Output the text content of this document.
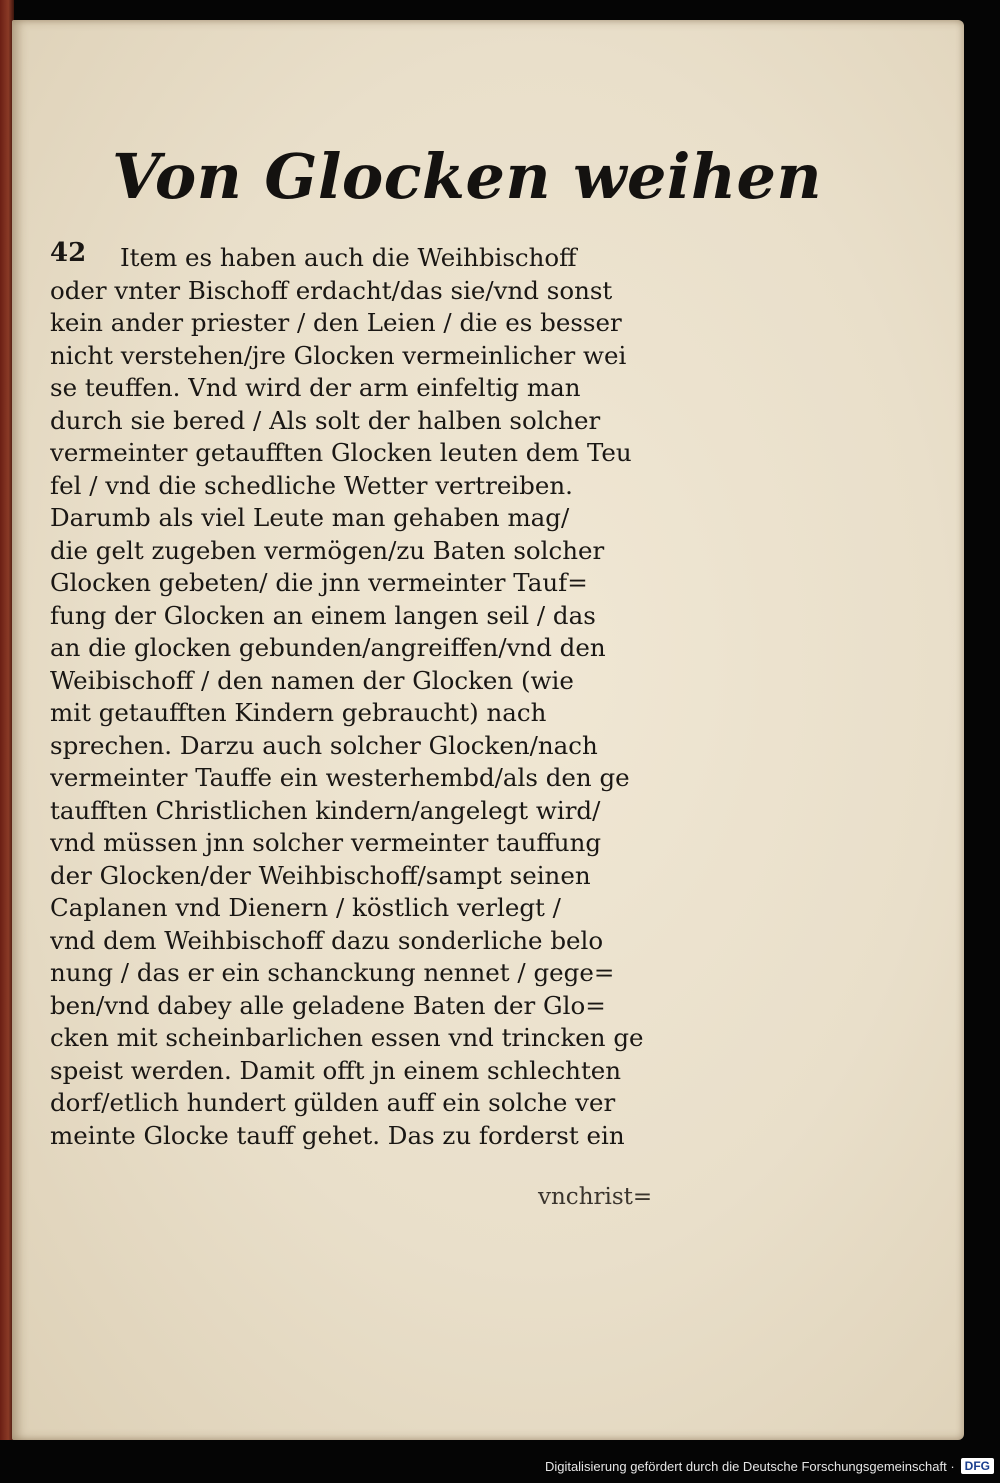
Von Glocken weihen
42	Item es haben auch die Weihbischoff
oder vnter Bischoff erdacht/das sie/vnd sonst
kein ander priester / den Leien / die es besser
nicht verstehen/jre Glocken vermeinlicher wei
se teuffen. Vnd wird der arm einfeltig man
durch sie bered / Als solt der halben solcher
vermeinter getaufften Glocken leuten dem Teu
fel / vnd die schedliche Wetter vertreiben.
Darumb als viel Leute man gehaben mag/
die gelt zugeben vermögen/zu Baten solcher
Glocken gebeten/ die jnn vermeinter Tauf=
fung der Glocken an einem langen seil / das
an die glocken gebunden/angreiffen/vnd den
Weibischoff / den namen der Glocken (wie
mit getaufften Kindern gebraucht) nach
sprechen. Darzu auch solcher Glocken/nach
vermeinter Tauffe ein westerhembd/als den ge
taufften Christlichen kindern/angelegt wird/
vnd müssen jnn solcher vermeinter tauffung
der Glocken/der Weihbischoff/sampt seinen
Caplanen vnd Dienern / köstlich verlegt /
vnd dem Weihbischoff dazu sonderliche belo
nung / das er ein schanckung nennet / gege=
ben/vnd dabey alle geladene Baten der Glo=
cken mit scheinbarlichen essen vnd trincken ge
speist werden. Damit offt jn einem schlechten
dorf/etlich hundert gülden auff ein solche ver
meinte Glocke tauff gehet. Das zu forderst ein
vnchrist=
Digitalisierung gefördert durch die Deutsche Forschungsgemeinschaft · DFG
